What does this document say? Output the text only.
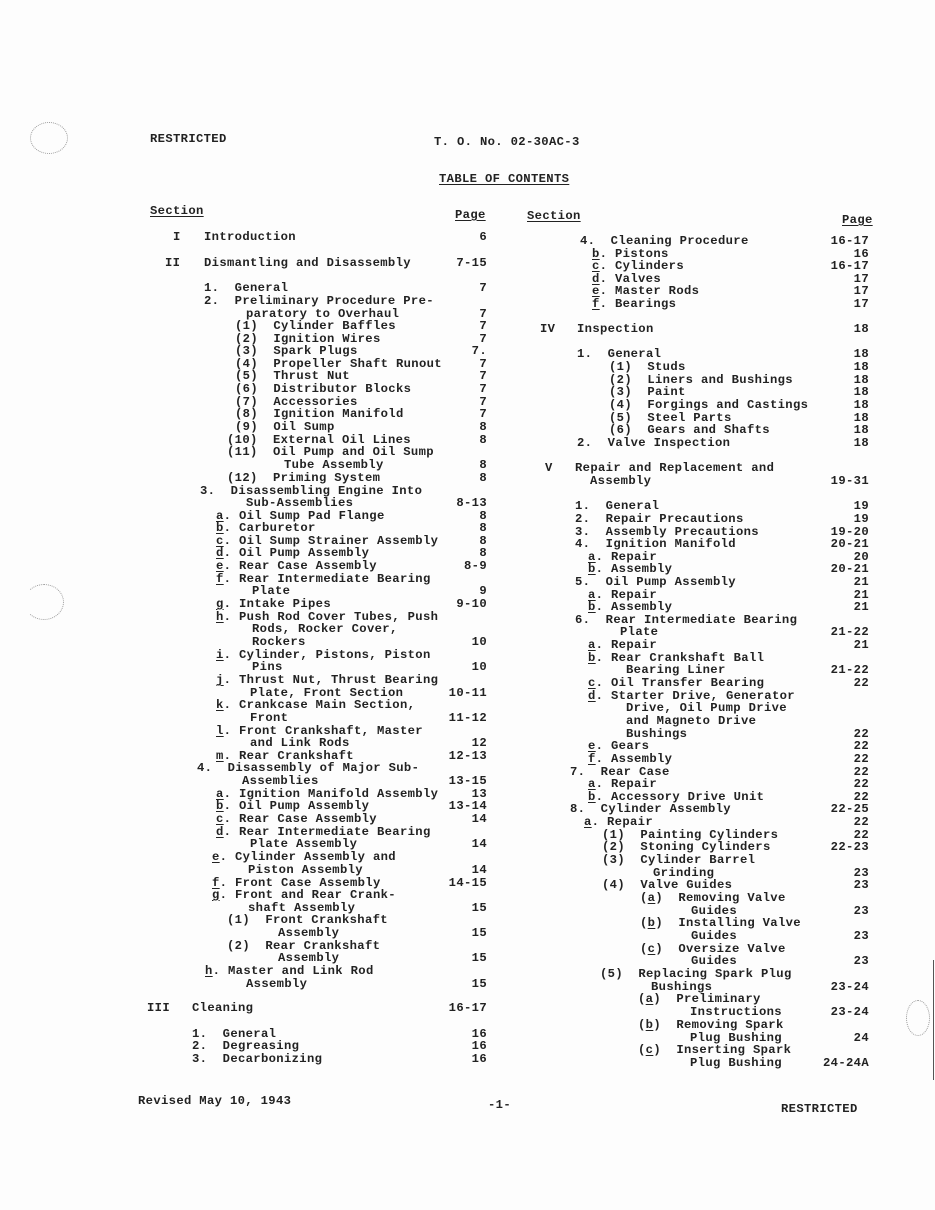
RESTRICTED	T. O. No. 02-30AC-3
TABLE OF CONTENTS
Section	Page	Section	Page
I Introduction	6
II Dismantling and Disassembly	7-15
1. General	7
2. Preliminary Procedure Pre-
paratory to Overhaul	7
(1) Cylinder Baffles	7
(2) Ignition Wires	7
(3) Spark Plugs	7.
(4) Propeller Shaft Runout	7
(5) Thrust Nut	7
(6) Distributor Blocks	7
(7) Accessories	7
(8) Ignition Manifold	7
(9) Oil Sump	8
(10) External Oil Lines	8
(11) Oil Pump and Oil Sump
Tube Assembly	8
(12) Priming System	8
3. Disassembling Engine Into
Sub-Assemblies	8-13
a. Oil Sump Pad Flange	8
b. Carburetor	8
c. Oil Sump Strainer Assembly	8
d. Oil Pump Assembly	8
e. Rear Case Assembly	8-9
f. Rear Intermediate Bearing
Plate	9
g. Intake Pipes	9-10
h. Push Rod Cover Tubes, Push
Rods, Rocker Cover,
Rockers	10
i. Cylinder, Pistons, Piston
Pins	10
j. Thrust Nut, Thrust Bearing
Plate, Front Section	10-11
k. Crankcase Main Section,
Front	11-12
l. Front Crankshaft, Master
and Link Rods	12
m. Rear Crankshaft	12-13
4. Disassembly of Major Sub-
Assemblies	13-15
a. Ignition Manifold Assembly	13
b. Oil Pump Assembly	13-14
c. Rear Case Assembly	14
d. Rear Intermediate Bearing
Plate Assembly	14
e. Cylinder Assembly and
Piston Assembly	14
f. Front Case Assembly	14-15
g. Front and Rear Crank-
shaft Assembly	15
(1) Front Crankshaft
Assembly	15
(2) Rear Crankshaft
Assembly	15
h. Master and Link Rod
Assembly	15
III Cleaning	16-17
1. General	16
2. Degreasing	16
3. Decarbonizing	16
4. Cleaning Procedure	16-17
b. Pistons	16
c. Cylinders	16-17
d. Valves	17
e. Master Rods	17
f. Bearings	17
IV Inspection	18
1. General	18
(1) Studs	18
(2) Liners and Bushings	18
(3) Paint	18
(4) Forgings and Castings	18
(5) Steel Parts	18
(6) Gears and Shafts	18
2. Valve Inspection	18
V Repair and Replacement and
Assembly	19-31
1. General	19
2. Repair Precautions	19
3. Assembly Precautions	19-20
4. Ignition Manifold	20-21
a. Repair	20
b. Assembly	20-21
5. Oil Pump Assembly	21
a. Repair	21
b. Assembly	21
6. Rear Intermediate Bearing
Plate	21-22
a. Repair	21
b. Rear Crankshaft Ball
Bearing Liner	21-22
c. Oil Transfer Bearing	22
d. Starter Drive, Generator
Drive, Oil Pump Drive
and Magneto Drive
Bushings	22
e. Gears	22
f. Assembly	22
7. Rear Case	22
a. Repair	22
b. Accessory Drive Unit	22
8. Cylinder Assembly	22-25
a. Repair	22
(1) Painting Cylinders	22
(2) Stoning Cylinders	22-23
(3) Cylinder Barrel
Grinding	23
(4) Valve Guides	23
(a) Removing Valve
Guides	23
(b) Installing Valve
Guides	23
(c) Oversize Valve
Guides	23
(5) Replacing Spark Plug
Bushings	23-24
(a) Preliminary
Instructions	23-24
(b) Removing Spark
Plug Bushing	24
(c) Inserting Spark
Plug Bushing	24-24A
Revised May 10, 1943	-1-	RESTRICTED
